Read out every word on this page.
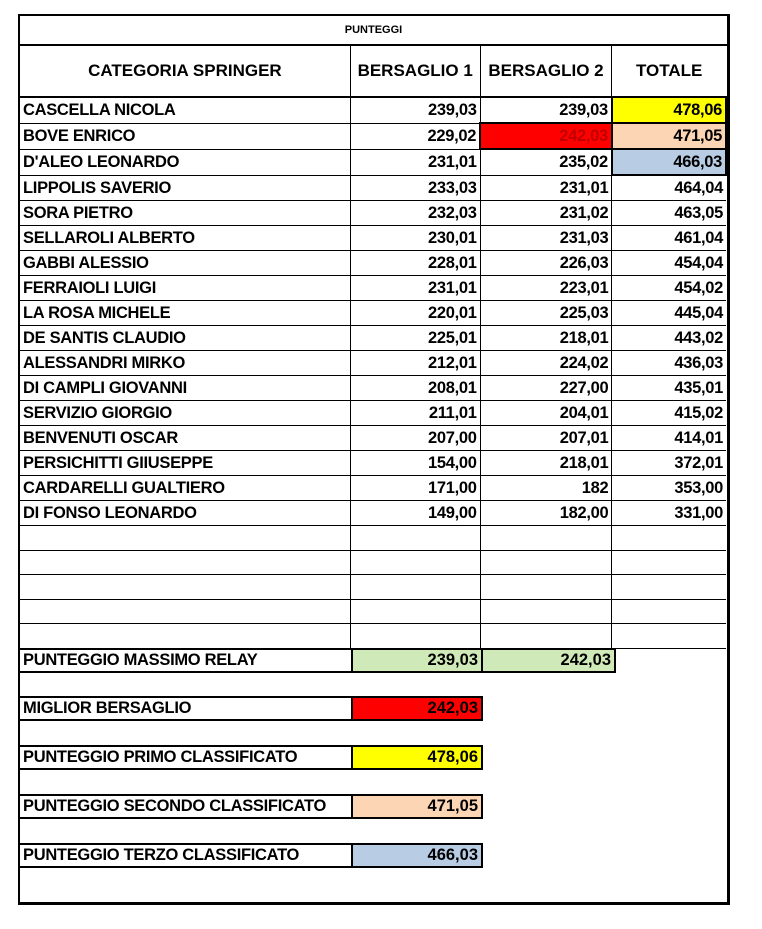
PUNTEGGI
CATEGORIA SPRINGER	BERSAGLIO 1	BERSAGLIO 2	TOTALE
CASCELLA NICOLA	239,03	239,03	478,06
BOVE ENRICO	229,02	242,03	471,05
D'ALEO LEONARDO	231,01	235,02	466,03
LIPPOLIS SAVERIO	233,03	231,01	464,04
SORA PIETRO	232,03	231,02	463,05
SELLAROLI ALBERTO	230,01	231,03	461,04
GABBI ALESSIO	228,01	226,03	454,04
FERRAIOLI LUIGI	231,01	223,01	454,02
LA ROSA MICHELE	220,01	225,03	445,04
DE SANTIS CLAUDIO	225,01	218,01	443,02
ALESSANDRI MIRKO	212,01	224,02	436,03
DI CAMPLI GIOVANNI	208,01	227,00	435,01
SERVIZIO GIORGIO	211,01	204,01	415,02
BENVENUTI OSCAR	207,00	207,01	414,01
PERSICHITTI GIIUSEPPE	154,00	218,01	372,01
CARDARELLI GUALTIERO	171,00	182	353,00
DI FONSO LEONARDO	149,00	182,00	331,00

PUNTEGGIO MASSIMO RELAY	239,03	242,03
MIGLIOR BERSAGLIO	242,03
PUNTEGGIO PRIMO CLASSIFICATO	478,06
PUNTEGGIO SECONDO CLASSIFICATO	471,05
PUNTEGGIO TERZO CLASSIFICATO	466,03
